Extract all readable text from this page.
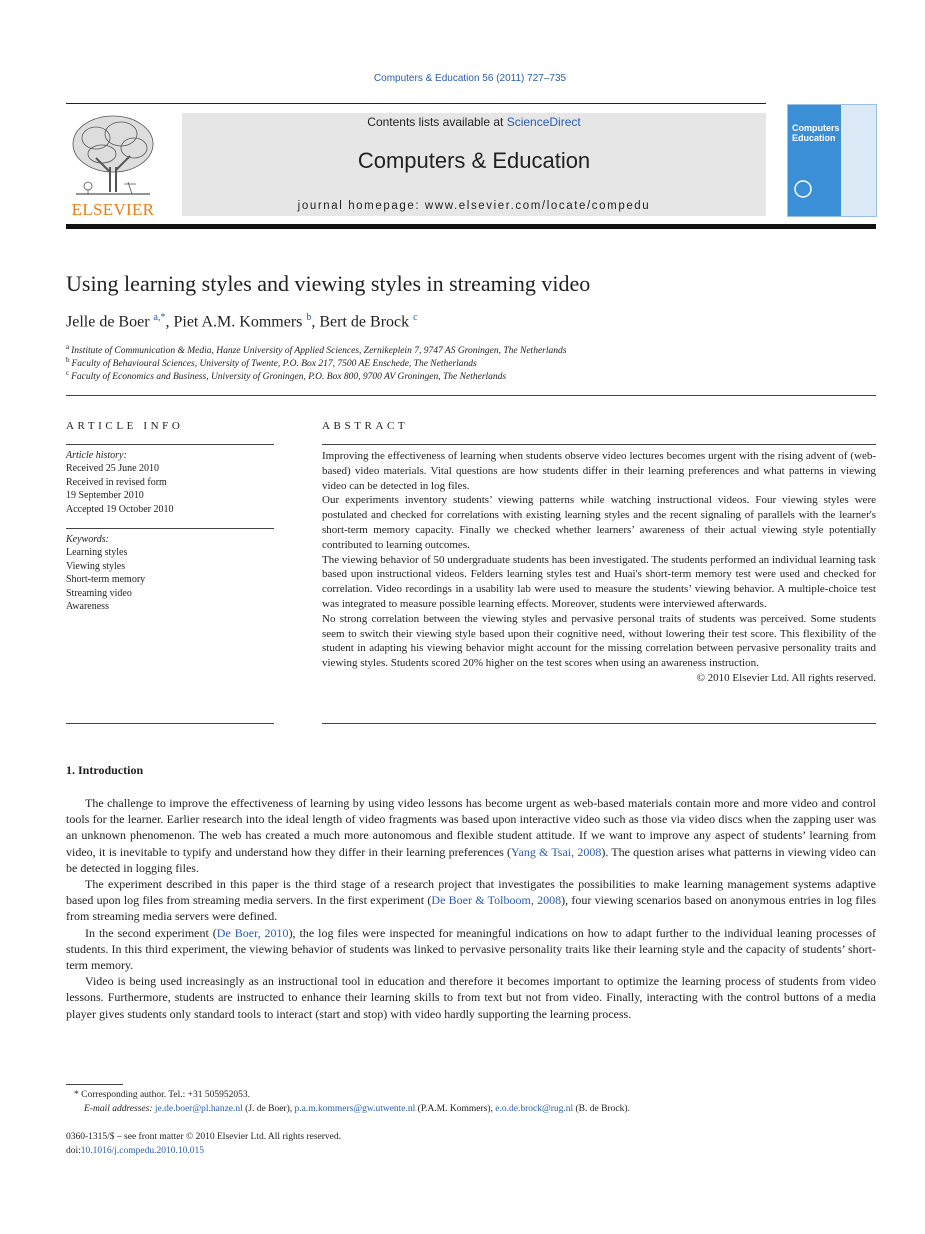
Computers & Education 56 (2011) 727–735
ELSEVIER
Contents lists available at ScienceDirect
Computers & Education
journal homepage: www.elsevier.com/locate/compedu
Computers
Education
Using learning styles and viewing styles in streaming video
Jelle de Boer $^{a,*}$, Piet A.M. Kommers $^b$, Bert de Brock $^c$
$^a$ Institute of Communication & Media, Hanze University of Applied Sciences, Zernikeplein 7, 9747 AS Groningen, The Netherlands
$^b$ Faculty of Behavioural Sciences, University of Twente, P.O. Box 217, 7500 AE Enschede, The Netherlands
$^c$ Faculty of Economics and Business, University of Groningen, P.O. Box 800, 9700 AV Groningen, The Netherlands
ARTICLE INFO
Article history:
Received 25 June 2010
Received in revised form
19 September 2010
Accepted 19 October 2010
Keywords:
Learning styles
Viewing styles
Short-term memory
Streaming video
Awareness
ABSTRACT

Improving the effectiveness of learning when students observe video lectures becomes urgent with the rising advent of (web-based) video materials. Vital questions are how students differ in their learning preferences and what patterns in viewing video can be detected in log files.

Our experiments inventory students’ viewing patterns while watching instructional videos. Four viewing styles were postulated and checked for correlations with existing learning styles and the recent signaling of parallels with the learner's short-term memory capacity. Finally we checked whether learners’ awareness of their actual viewing style potentially contributed to learning outcomes.

The viewing behavior of 50 undergraduate students has been investigated. The students performed an individual learning task based upon instructional videos. Felders learning styles test and Huai's short-term memory test were used and checked for correlation. Video recordings in a usability lab were used to measure the students’ viewing behavior. A multiple-choice test was integrated to measure possible learning effects. Moreover, students were interviewed afterwards.

No strong correlation between the viewing styles and pervasive personal traits of students was perceived. Some students seem to switch their viewing style based upon their cognitive need, without lowering their test score. This flexibility of the student in adapting his viewing behavior might account for the missing correlation between pervasive personality traits and viewing styles. Students scored 20% higher on the test scores when using an awareness instruction.

© 2010 Elsevier Ltd. All rights reserved.

1. Introduction

The challenge to improve the effectiveness of learning by using video lessons has become urgent as web-based materials contain more and more video and control tools for the learner. Earlier research into the ideal length of video fragments was based upon interactive video such as those via video discs when the zapping user was an unknown phenomenon. The web has created a much more autonomous and flexible student attitude. If we want to improve any aspect of students’ learning from video, it is inevitable to typify and understand how they differ in their learning preferences (Yang & Tsai, 2008). The question arises what patterns in viewing video can be detected in logging files.

The experiment described in this paper is the third stage of a research project that investigates the possibilities to make learning management systems adaptive based upon log files from streaming media servers. In the first experiment (De Boer & Tolboom, 2008), four viewing scenarios based on anonymous entries in log files from streaming media servers were defined.

In the second experiment (De Boer, 2010), the log files were inspected for meaningful indications on how to adapt further to the individual leaning processes of students. In this third experiment, the viewing behavior of students was linked to pervasive personality traits like their learning style and the capacity of students’ short-term memory.

Video is being used increasingly as an instructional tool in education and therefore it becomes important to optimize the learning process of students from video lessons. Furthermore, students are instructed to enhance their learning skills to from text but not from video. Finally, interacting with the control buttons of a media player gives students only standard tools to interact (start and stop) with video hardly supporting the learning process.

* Corresponding author. Tel.: +31 505952053.
E-mail addresses: je.de.boer@pl.hanze.nl (J. de Boer), p.a.m.kommers@gw.utwente.nl (P.A.M. Kommers), e.o.de.brock@rug.nl (B. de Brock).
0360-1315/$ – see front matter © 2010 Elsevier Ltd. All rights reserved.
doi:10.1016/j.compedu.2010.10.015
